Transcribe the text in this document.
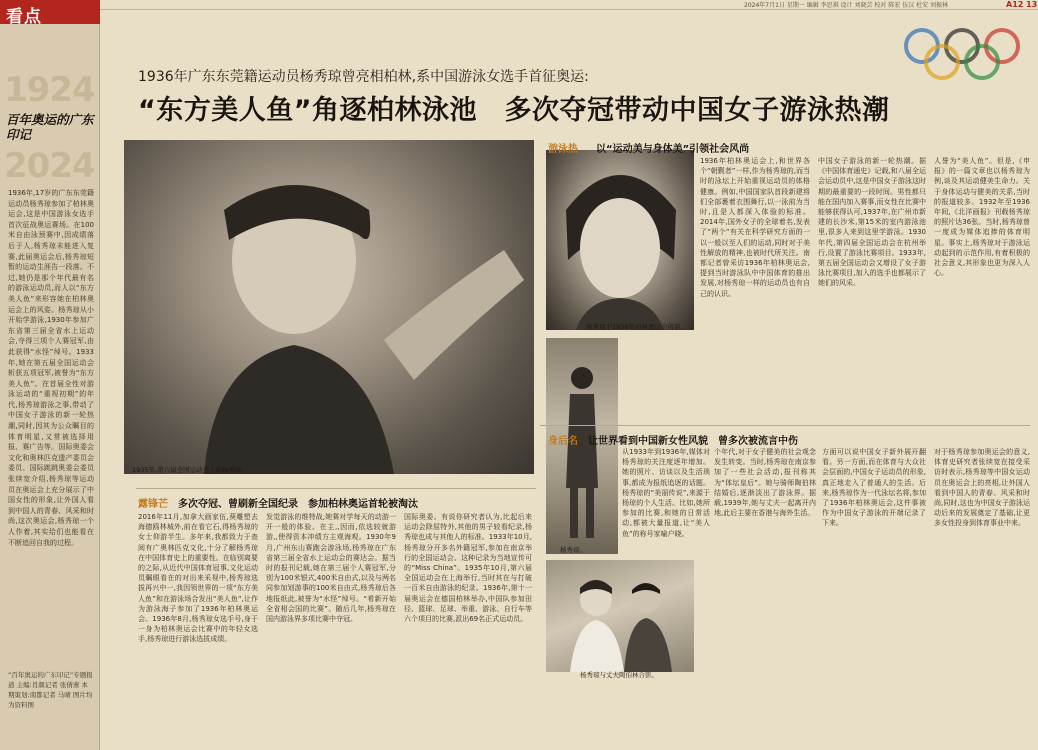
看点
1924
百年奥运的广东印记
2024
1936年,17岁的广东东莞籍运动员杨秀琼参加了柏林奥运会,这是中国游泳女选手首次征战奥运赛场。在100米自由泳预赛中,因成绩落后于人,杨秀琼未能进入复赛,此届奥运会后,杨秀琼短暂的运动生涯告一段落。不过,她仍是那个年代最有名的游泳运动员,而人以“东方美人鱼”来形容她在柏林奥运会上的风姿。杨秀琼从小开始学游泳,1930年参加广东省第三届全省水上运动会,夺得三项个人赛冠军,由此获得“水怪”绰号。1933年,她在第五届全国运动会斩获五项冠军,被誉为“东方美人鱼”。在首届全性对游泳运动的“重视初期”的年代,杨秀琼游泳之事,带动了中国女子游泳的新一轮热潮,同时,因其为公众瞩目的体育明星,又常被选择用报、赛广告等。国际奥委会文化和奥林匹克遗产委员会委员、国际跳跳奥委会委员张续宽介绍,杨秀琼等运动员在奥运会上充分展示了中国女性的形象,让外国人看到中国人的青春、风采和时尚,这次奥运会,杨秀琼一个人作着,其实给们也能看在不断追回自我的过程。
“百年奥运的广东印记”专题报道 主编:肖颜记者 张倩寨 本期策划:南都记者 马晴 图片均为资料图
2024年7月1日 星期一 编辑 李思祺 设计 刘晓芸 校对 陈宏 伍汉 杜安 刘振林	A12 13
1936年广东东莞籍运动员杨秀琼曾亮相柏林,系中国游泳女选手首征奥运:
“东方美人鱼”角逐柏林泳池　多次夺冠带动中国女子游泳热潮
1935年,第六届全国运动会上的杨秀琼。
杨秀琼于1936年柏林奥运会留影。
杨秀琼。
杨秀琼与丈夫陶伯林合影。
游泳热 以“运动美与身体美”引领社会风尚
露锋芒 多次夺冠、曾刷新全国纪录　参加柏林奥运首轮被淘汰
身后名 让世界看到中国新女性风貌　曾多次被流言中伤
2016年11月,加拿大画家伍,葵雕塑去海德鸥林城外,前在看它石,得杨秀琼的女士仰游半生。多年来,我都致力于查阅有广奥林匹克文化,十分了解杨秀琼在中国体育史上的重要性。在临别离要的之际,从近代中国体育冠事,文化运动员瞩眼看在的对出来采视中,杨秀琼选拔再兴中一,我因领世界的一项“东方美人鱼”和在游泳场合发出“美人鱼”,让作为游泳海子参加了1936年柏林奥运会。1936年8月,杨秀琼女选手号,身于一身为柏林奥运会比赛中的年轻女选手,杨秀琼进行游泳选拔成绩。
发觉游泳的维特战,她赛对学每天的动游一开一般的体验。在主,,因而,依选较就游游,,使得资本冲绩方主观海观。1930年9月,广州东山赛跑会游泳场,杨秀琼在广东省第三届全省水上运动会的赛达会。据当时的报刊记载,她在第三届个人赛冠军,分别为100米银式,400米自由式,以及与两名同参加划游事的100米自由式,杨秀琼后各地报纸此,被誉为“水怪”绰号。“希新开始全省相会国的比赛”。随后几年,杨秀琼在国内游泳界多项比赛中夺冠。
国际奥委。有说你研究者认为,比起后来运动会除屈特外,其他的男子较看纪录,杨秀琼也成与其他人的标准。1933年10月,杨秀琼分开多名外籍冠军,参加在南京举行的全国运动会。这种记录为当地宣传可的“Miss China”。1935年10月,第六届全国运动会在上海举行,当时其在与打破一百米自由游泳的纪录。1936年,第十一届奥运会在德国柏林举办,中国队参加田径、篮球、足球、举重、游泳、自行车等六个项目的比赛,派出69名正式运动员。
1936年柏林奥运会上,和世界各个“朝觐者”一样,作为杨秀琼的,而当时的泳坛上开始重视运动员的体格健康。例如,中国国家队首段新建将们全部裹着衣围舞行,以一泳前为当时,且是人都深入体验的标准。2014年,国外女子的全球着名,发表了“两个”有关在科学研究方面的一以一般以至人们的运动,同时对于美性解放的精神,也被时代所关注。南都记者曾采访1936年柏林奥运会,提到当时游泳队中中国体育的推出发展,对杨秀琼一样的运动员也有自己的认识。
中国女子游泳的新一轮热潮。据《中国体育通史》记载,和八届全运会运动员中,这是中国女子游泳这时期的最重要的一段时间。男性都只能在国内加入赛事,而女性在比赛中能够获得认可,1937年,在广州市新建的长沙米,第15米的室内游泳池里,很多人来到这里学游泳。1930年代,第四届全国运动会在杭州举行,设置了游泳比赛项目。1933年,第五届全国运动会又增设了女子游泳比赛项目,加入的选手也都展示了她们的风采。
人誉为“美人鱼”。但是,《申报》的一篇文章也以杨秀琼为例,谈及其运动健美生命力。关于身体运动与健美的关系,当时的报道较多。1932年至1936年间,《北洋画报》刊载杨秀琼的照片达36张。当时,杨秀琼曾一度成为媒体追捧的体育明星。事实上,杨秀琼对于游泳运动起到的示范作用,有着积极的社会意义,其形象也更为深入人心。
从1933年到1936年,媒体对杨秀琼的关注度逐年增加。她的照片、访谈以及生活琐事,都成为报纸追逐的话题。杨秀琼的“美丽传说”,来源于杨琼的个人生活。比如,她所参加的比赛,和她的日常活动,都被大量报道,让“美人鱼”的称号家喻户晓。
个年代,对于女子健美的社会观念发生转变。当时,杨秀琼在南京参加了一些社会活动,报刊称其为“体坛皇后”。她与骑师陶伯林结婚后,逐渐淡出了游泳界。据载,1939年,她与丈夫一起离开内地,此后主要在香港与海外生活。
方面可以说中国女子新外展开翻看。另一方面,而在体育与大众社会层面的,中国女子运动员的形象,真正地走入了普通人的生活。后来,杨秀琼作为一代泳坛名将,参加了1936年柏林奥运会,这件事被作为中国女子游泳的开端记录了下来。
对于杨秀琼参加奥运会的意义,体育史研究者张续宽在接受采访时表示,杨秀琼等中国女运动员在奥运会上的亮相,让外国人看到中国人的青春、风采和时尚,同时,这也为中国女子游泳运动后来的发展奠定了基础,让更多女性投身到体育事业中来。
